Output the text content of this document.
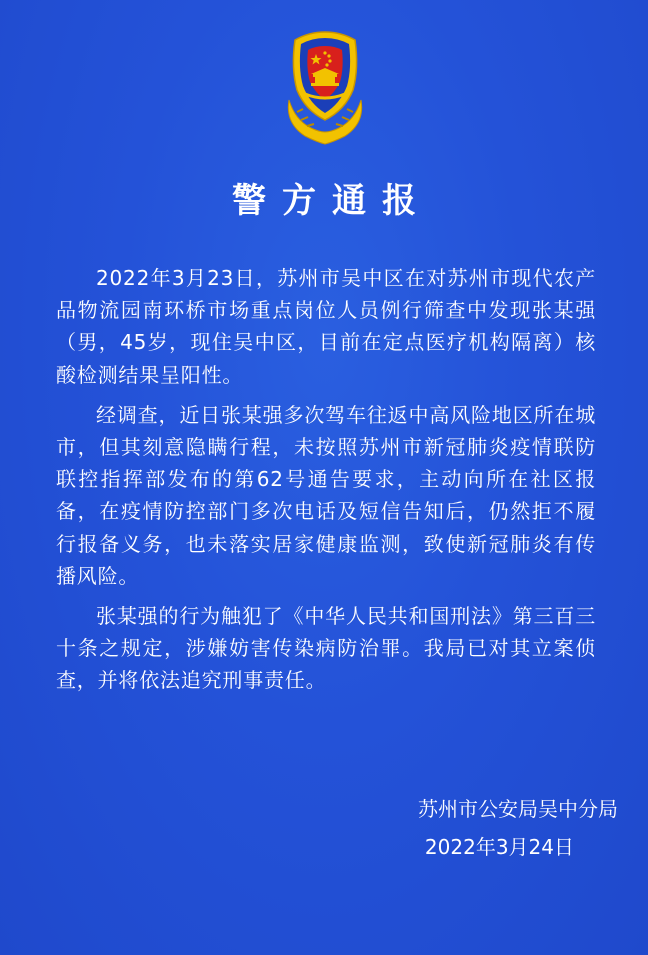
警方通报

2022年3月23日，苏州市吴中区在对苏州市现代农产品物流园南环桥市场重点岗位人员例行筛查中发现张某强（男，45岁，现住吴中区，目前在定点医疗机构隔离）核酸检测结果呈阳性。

经调查，近日张某强多次驾车往返中高风险地区所在城市，但其刻意隐瞒行程，未按照苏州市新冠肺炎疫情联防联控指挥部发布的第62号通告要求，主动向所在社区报备，在疫情防控部门多次电话及短信告知后，仍然拒不履行报备义务，也未落实居家健康监测，致使新冠肺炎有传播风险。

张某强的行为触犯了《中华人民共和国刑法》第三百三十条之规定，涉嫌妨害传染病防治罪。我局已对其立案侦查，并将依法追究刑事责任。

苏州市公安局吴中分局
2022年3月24日
